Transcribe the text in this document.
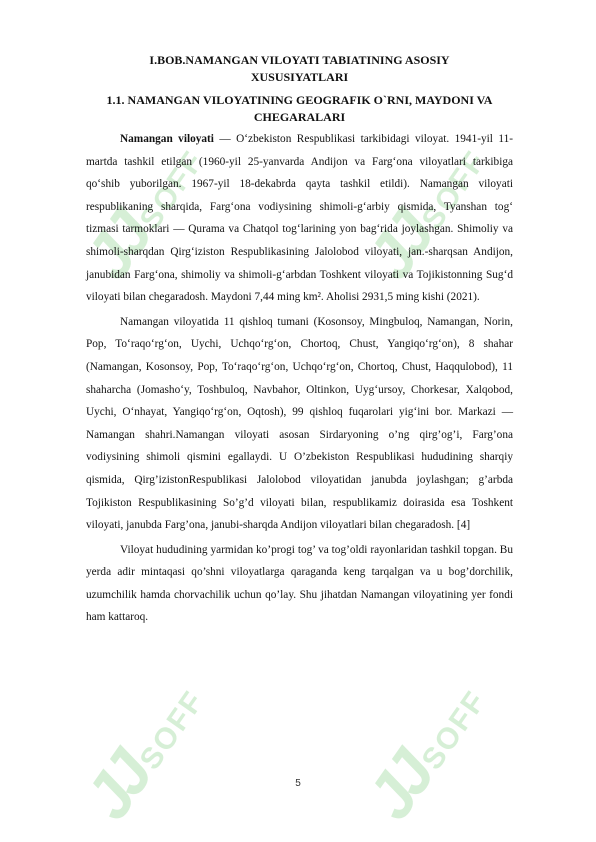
JJ SOFF
JJ SOFF
JJ SOFF
JJ SOFF
I.BOB.NAMANGAN VILOYATI TABIATINING ASOSIY XUSUSIYATLARI
1.1. NAMANGAN VILOYATINING GEOGRAFIK O`RNI, MAYDONI VA CHEGARALARI

Namangan viloyati — Oʻzbekiston Respublikasi tarkibidagi viloyat. 1941-yil 11-martda tashkil etilgan (1960-yil 25-yanvarda Andijon va Fargʻona viloyatlari tarkibiga qoʻshib yuborilgan. 1967-yil 18-dekabrda qayta tashkil etildi). Namangan viloyati respublikaning sharqida, Fargʻona vodiysining shimoli-gʻarbiy qismida, Tyanshan togʻ tizmasi tarmoklari — Qurama va Chatqol togʻlarining yon bagʻrida joylashgan. Shimoliy va shimoli-sharqdan Qirgʻiziston Respublikasining Jalolobod viloyati, jan.-sharqsan Andijon, janubidan Fargʻona, shimoliy va shimoli-gʻarbdan Toshkent viloyati va Tojikistonning Sugʻd viloyati bilan chegaradosh. Maydoni 7,44 ming km². Aholisi 2931,5 ming kishi (2021).

Namangan viloyatida 11 qishloq tumani (Kosonsoy, Mingbuloq, Namangan, Norin, Pop, Toʻraqoʻrgʻon, Uychi, Uchqoʻrgʻon, Chortoq, Chust, Yangiqoʻrgʻon), 8 shahar (Namangan, Kosonsoy, Pop, Toʻraqoʻrgʻon, Uchqoʻrgʻon, Chortoq, Chust, Haqqulobod), 11 shaharcha (Jomashoʻy, Toshbuloq, Navbahor, Oltinkon, Uygʻursoy, Chorkesar, Xalqobod, Uychi, Oʻnhayat, Yangiqoʻrgʻon, Oqtosh), 99 qishloq fuqarolari yigʻini bor. Markazi — Namangan shahri.Namangan viloyati asosan Sirdaryoning o’ng qirg’og’i, Farg’ona vodiysining shimoli qismini egallaydi. U O’zbekiston Respublikasi hududining sharqiy qismida, Qirg’izistonRespublikasi Jalolobod viloyatidan janubda joylashgan; g’arbda Tojikiston Respublikasining So’g’d viloyati bilan, respublikamiz doirasida esa Toshkent viloyati, janubda Farg’ona, janubi-sharqda Andijon viloyatlari bilan chegaradosh. [4]

Viloyat hududining yarmidan ko’progi tog’ va tog’oldi rayonlaridan tashkil topgan. Bu yerda adir mintaqasi qo’shni viloyatlarga qaraganda keng tarqalgan va u bog’dorchilik, uzumchilik hamda chorvachilik uchun qo’lay. Shu jihatdan Namangan viloyatining yer fondi ham kattaroq.

5
